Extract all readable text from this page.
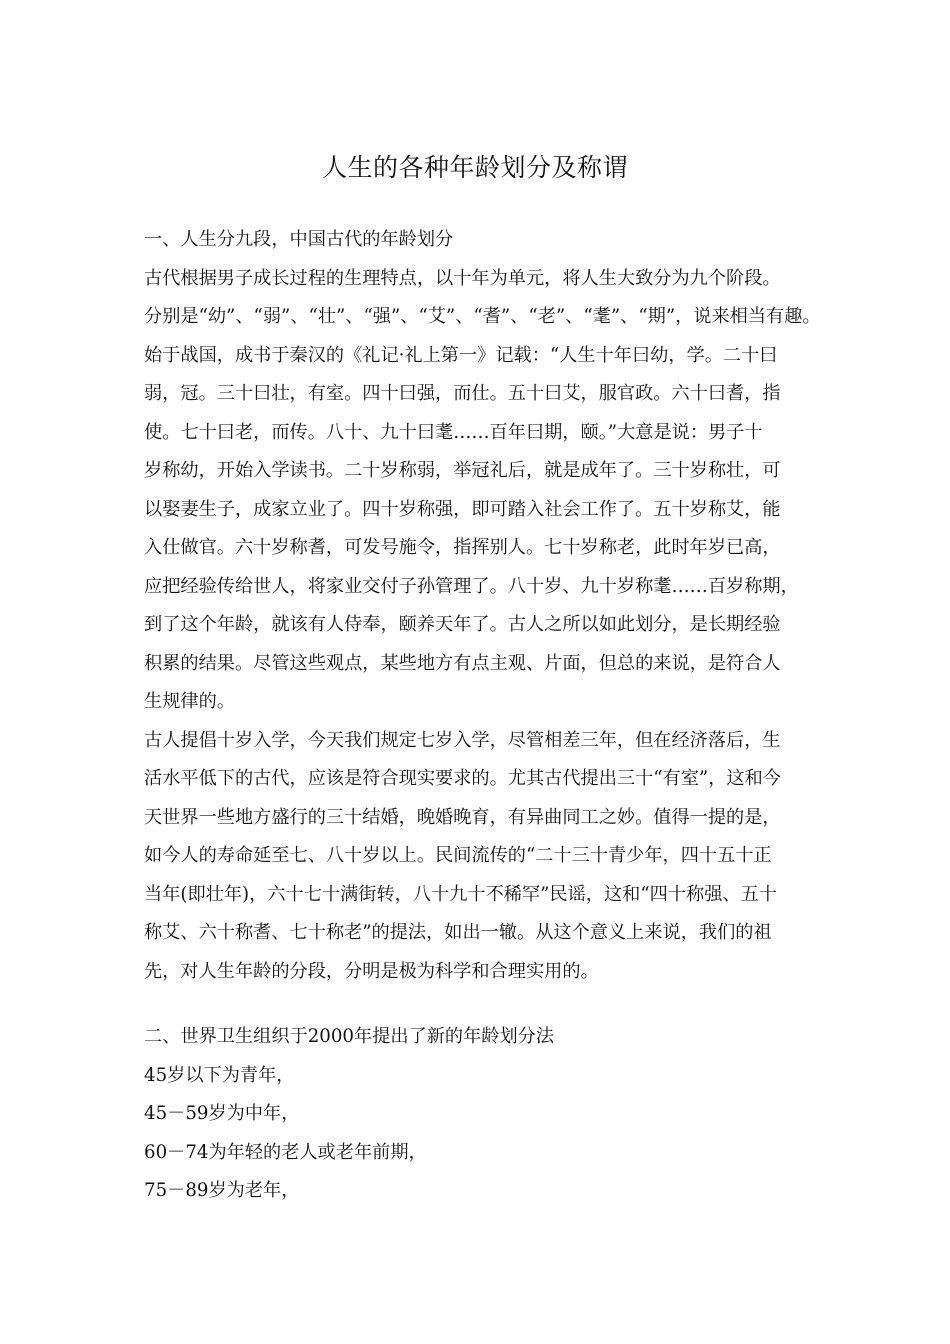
人生的各种年龄划分及称谓
一、人生分九段，中国古代的年龄划分
古代根据男子成长过程的生理特点，以十年为单元，将人生大致分为九个阶段。
分别是“幼”、“弱”、“壮”、“强”、“艾”、“耆”、“老”、“耄”、“期”，说来相当有趣。
始于战国，成书于秦汉的《礼记·礼上第一》记载：“人生十年曰幼，学。二十曰
弱，冠。三十曰壮，有室。四十曰强，而仕。五十曰艾，服官政。六十曰耆，指
使。七十曰老，而传。八十、九十曰耄……百年曰期，颐。”大意是说：男子十
岁称幼，开始入学读书。二十岁称弱，举冠礼后，就是成年了。三十岁称壮，可
以娶妻生子，成家立业了。四十岁称强，即可踏入社会工作了。五十岁称艾，能
入仕做官。六十岁称耆，可发号施令，指挥别人。七十岁称老，此时年岁已高，
应把经验传给世人，将家业交付子孙管理了。八十岁、九十岁称耄……百岁称期，
到了这个年龄，就该有人侍奉，颐养天年了。古人之所以如此划分，是长期经验
积累的结果。尽管这些观点，某些地方有点主观、片面，但总的来说，是符合人
生规律的。
古人提倡十岁入学，今天我们规定七岁入学，尽管相差三年，但在经济落后，生
活水平低下的古代，应该是符合现实要求的。尤其古代提出三十“有室”，这和今
天世界一些地方盛行的三十结婚，晚婚晚育，有异曲同工之妙。值得一提的是，
如今人的寿命延至七、八十岁以上。民间流传的“二十三十青少年，四十五十正
当年(即壮年)，六十七十满街转，八十九十不稀罕”民谣，这和“四十称强、五十
称艾、六十称耆、七十称老”的提法，如出一辙。从这个意义上来说，我们的祖
先，对人生年龄的分段，分明是极为科学和合理实用的。
二、世界卫生组织于2000年提出了新的年龄划分法
45岁以下为青年，
45－59岁为中年，
60－74为年轻的老人或老年前期，
75－89岁为老年，
